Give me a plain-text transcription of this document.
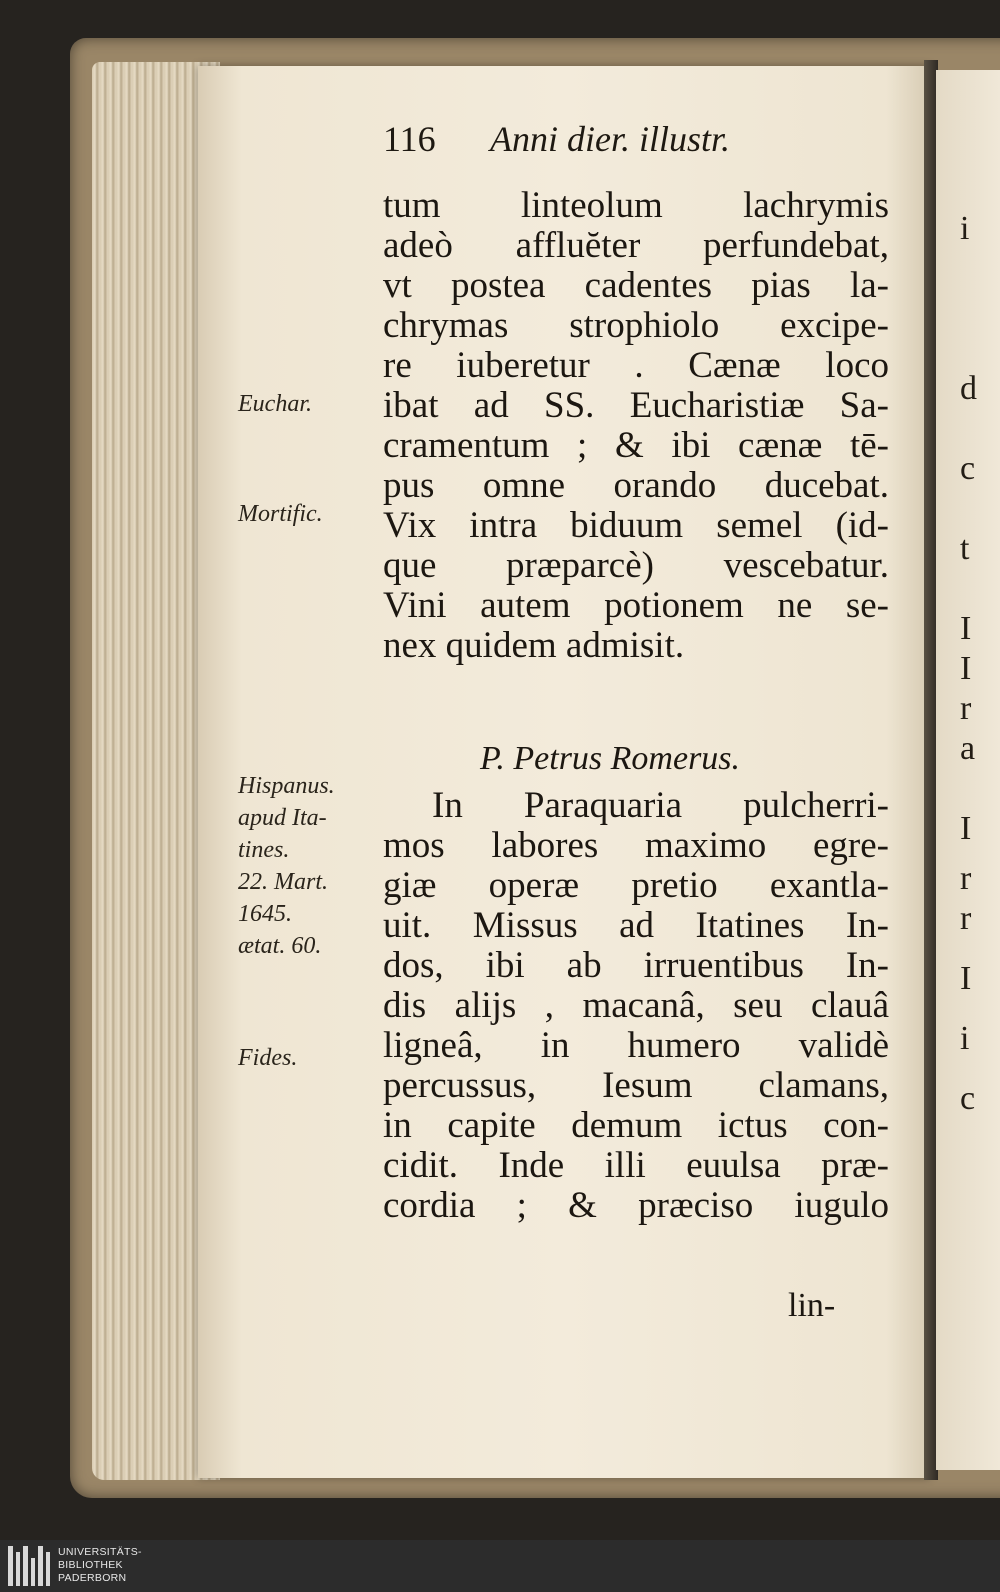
i
d
c
t
I
I
r
a
I
r
r
I
i
c
116 Anni dier. illustr.
tum linteolum lachrymis
adeò affluĕter perfundebat,
vt postea cadentes pias la-
chrymas strophiolo excipe-
re iuberetur . Cænæ loco
ibat ad SS. Eucharistiæ Sa-
cramentum ; & ibi cænæ tē-
pus omne orando ducebat.
Vix intra biduum semel (id-
que præparcè) vescebatur.
Vini autem potionem ne se-
nex quidem admisit.
P. Petrus Romerus.
In Paraquaria pulcherri-
mos labores maximo egre-
giæ operæ pretio exantla-
uit. Missus ad Itatines In-
dos, ibi ab irruentibus In-
dis alijs , macanâ, seu clauâ
ligneâ, in humero validè
percussus, Iesum clamans,
in capite demum ictus con-
cidit. Inde illi euulsa præ-
cordia ; & præciso iugulo
lin-
Euchar.
Mortific.
Hispanus.
apud Ita-
tines.
22. Mart.
1645.
ætat. 60.
Fides.
UNIVERSITÄTS-
BIBLIOTHEK
PADERBORN
